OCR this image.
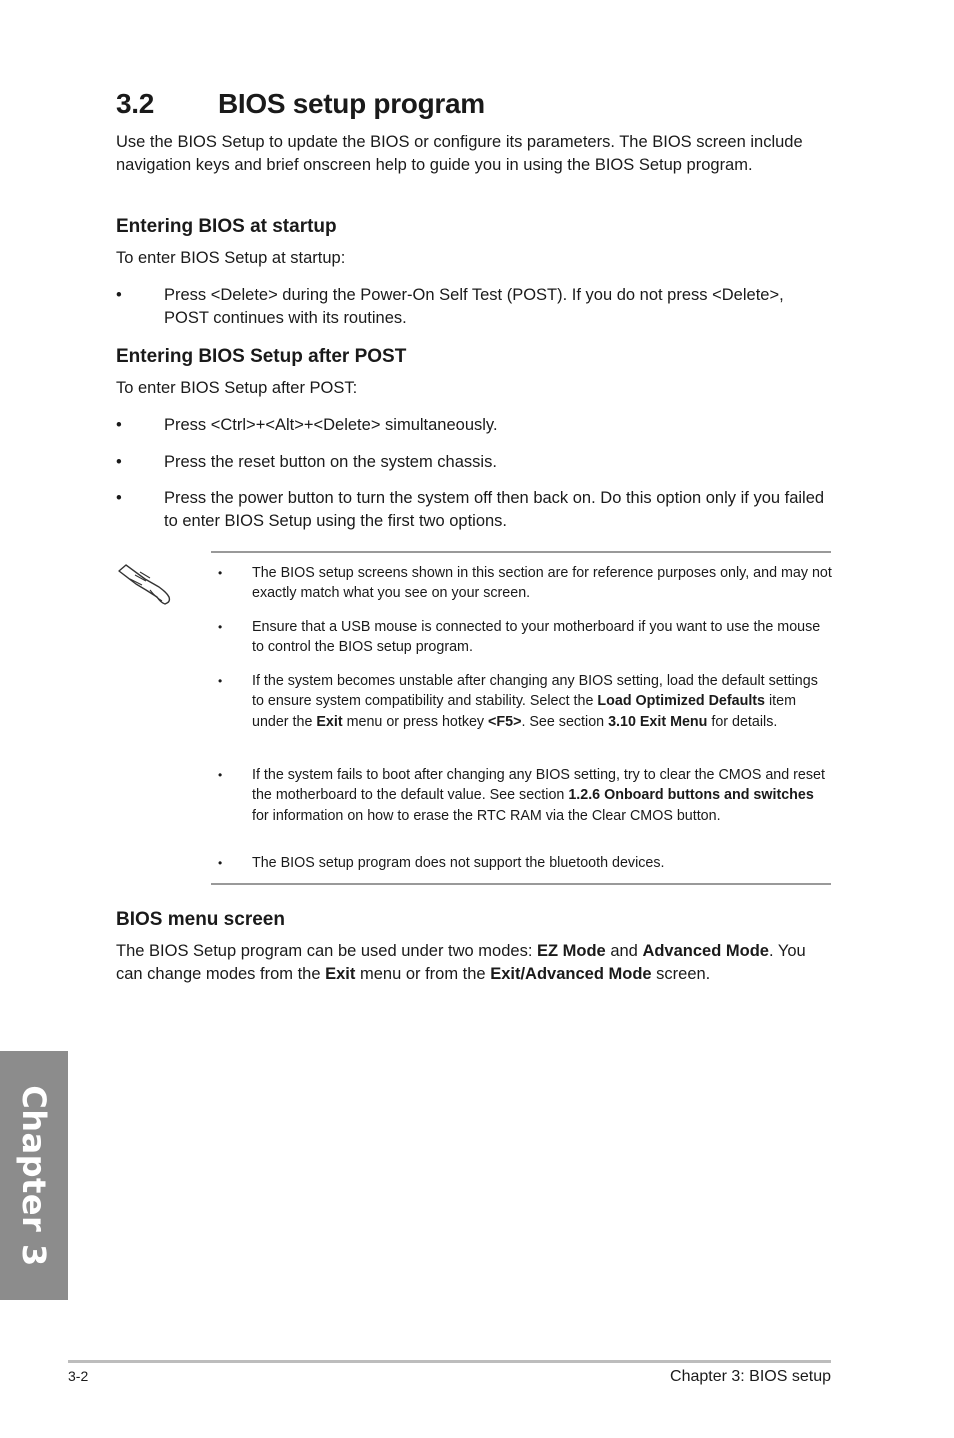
3.2 BIOS setup program

Use the BIOS Setup to update the BIOS or configure its parameters. The BIOS screen include navigation keys and brief onscreen help to guide you in using the BIOS Setup program.

Entering BIOS at startup

To enter BIOS Setup at startup:

•	Press <Delete> during the Power-On Self Test (POST). If you do not press <Delete>, POST continues with its routines.
Entering BIOS Setup after POST

To enter BIOS Setup after POST:

•	Press <Ctrl>+<Alt>+<Delete> simultaneously.
•	Press the reset button on the system chassis.
•	Press the power button to turn the system off then back on. Do this option only if you failed to enter BIOS Setup using the first two options.
• The BIOS setup screens shown in this section are for reference purposes only, and may not exactly match what you see on your screen.
• Ensure that a USB mouse is connected to your motherboard if you want to use the mouse to control the BIOS setup program.
• If the system becomes unstable after changing any BIOS setting, load the default settings to ensure system compatibility and stability. Select the Load Optimized Defaults item under the Exit menu or press hotkey <F5>. See section 3.10 Exit Menu for details.
• If the system fails to boot after changing any BIOS setting, try to clear the CMOS and reset the motherboard to the default value. See section 1.2.6 Onboard buttons and switches for information on how to erase the RTC RAM via the Clear CMOS button.
• The BIOS setup program does not support the bluetooth devices.
BIOS menu screen

The BIOS Setup program can be used under two modes: EZ Mode and Advanced Mode. You can change modes from the Exit menu or from the Exit/Advanced Mode screen.

Chapter 3
3-2	Chapter 3: BIOS setup
